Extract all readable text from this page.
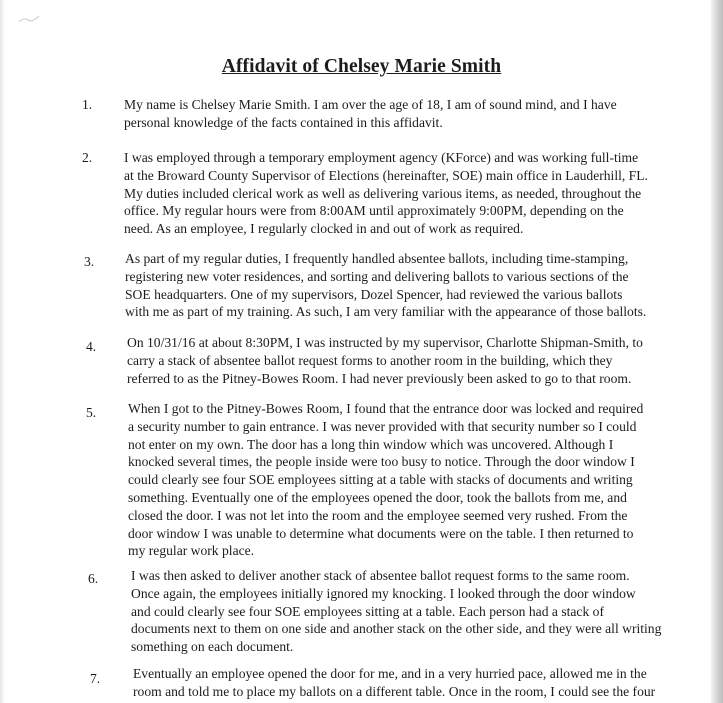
Affidavit of Chelsey Marie Smith
1. My name is Chelsey Marie Smith. I am over the age of 18, I am of sound mind, and I have
personal knowledge of the facts contained in this affidavit.
2. I was employed through a temporary employment agency (KForce) and was working full-time
at the Broward County Supervisor of Elections (hereinafter, SOE) main office in Lauderhill, FL.
My duties included clerical work as well as delivering various items, as needed, throughout the
office. My regular hours were from 8:00AM until approximately 9:00PM, depending on the
need. As an employee, I regularly clocked in and out of work as required.
3. As part of my regular duties, I frequently handled absentee ballots, including time-stamping,
registering new voter residences, and sorting and delivering ballots to various sections of the
SOE headquarters. One of my supervisors, Dozel Spencer, had reviewed the various ballots
with me as part of my training. As such, I am very familiar with the appearance of those ballots.
4. On 10/31/16 at about 8:30PM, I was instructed by my supervisor, Charlotte Shipman-Smith, to
carry a stack of absentee ballot request forms to another room in the building, which they
referred to as the Pitney-Bowes Room. I had never previously been asked to go to that room.
5. When I got to the Pitney-Bowes Room, I found that the entrance door was locked and required
a security number to gain entrance. I was never provided with that security number so I could
not enter on my own. The door has a long thin window which was uncovered. Although I
knocked several times, the people inside were too busy to notice. Through the door window I
could clearly see four SOE employees sitting at a table with stacks of documents and writing
something. Eventually one of the employees opened the door, took the ballots from me, and
closed the door. I was not let into the room and the employee seemed very rushed. From the
door window I was unable to determine what documents were on the table. I then returned to
my regular work place.
6. I was then asked to deliver another stack of absentee ballot request forms to the same room.
Once again, the employees initially ignored my knocking. I looked through the door window
and could clearly see four SOE employees sitting at a table. Each person had a stack of
documents next to them on one side and another stack on the other side, and they were all writing
something on each document.
7. Eventually an employee opened the door for me, and in a very hurried pace, allowed me in the
room and told me to place my ballots on a different table. Once in the room, I could see the four
